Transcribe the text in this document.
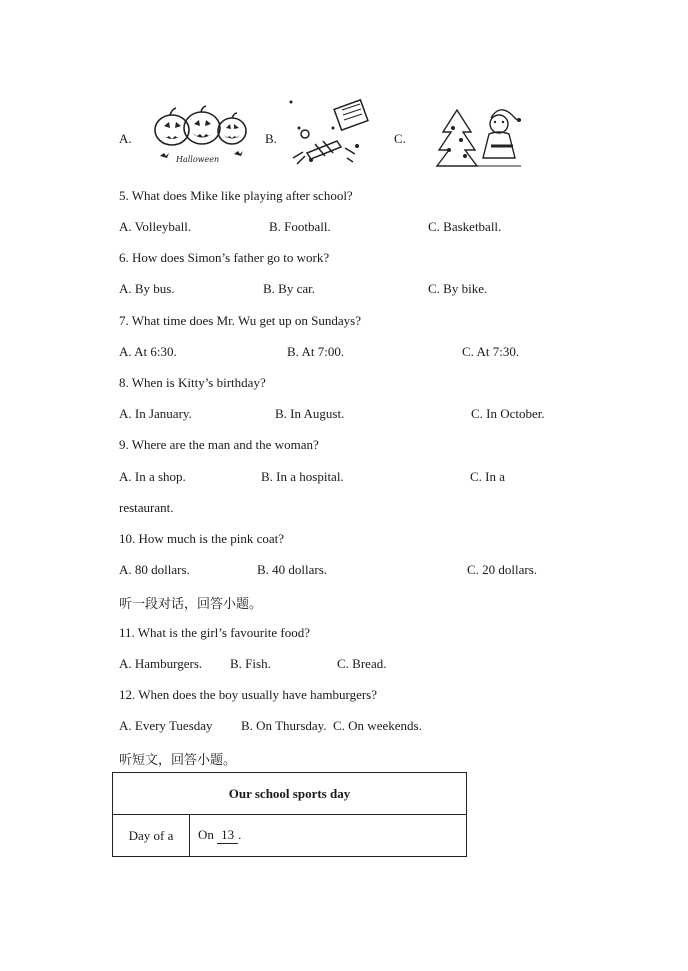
A.
Halloween
B.	C.
5. What does Mike like playing after school?
A. Volleyball.	B. Football.	C. Basketball.
6. How does Simon’s father go to work?
A. By bus.	B. By car.	C. By bike.
7. What time does Mr. Wu get up on Sundays?
A. At 6:30.	B. At 7:00.	C. At 7:30.
8. When is Kitty’s birthday?
A. In January.	B. In August.	C. In October.
9. Where are the man and the woman?
A. In a shop.	B. In a hospital.	C. In a
restaurant.
10. How much is the pink coat?
A. 80 dollars.	B. 40 dollars.	C. 20 dollars.
听一段对话，回答小题。
11. What is the girl’s favourite food?
A. Hamburgers. B. Fish.	C. Bread.
12. When does the boy usually have hamburgers?
A. Every Tuesday B. On Thursday. C. On weekends.
听短文，回答小题。
Our school sports day
Day of a	On 13 .
